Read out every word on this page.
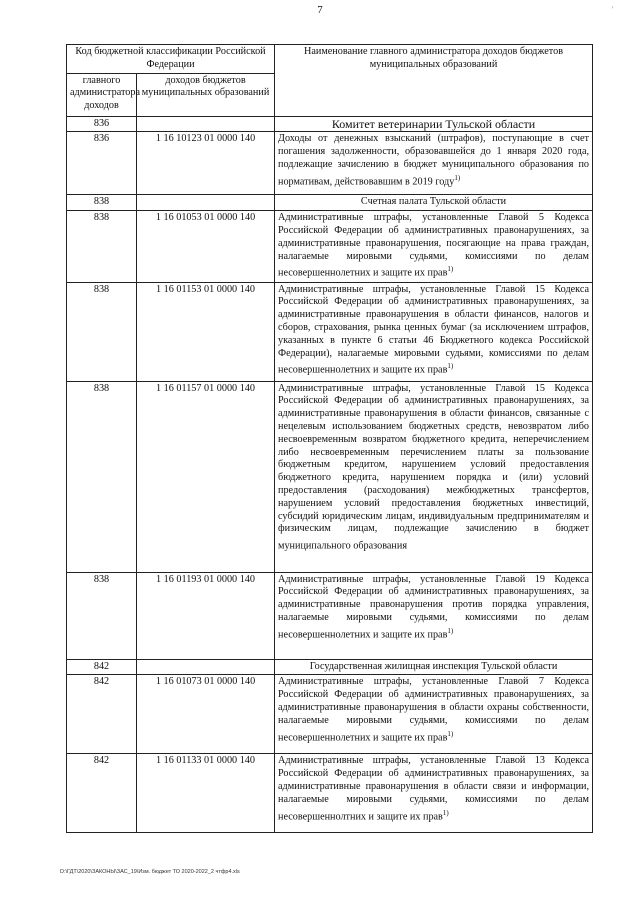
7	'
Код бюджетной классификации Российской Федерации		Наименование главного администратора доходов бюджетов муниципальных образований
главного администратора доходов	доходов бюджетов муниципальных образований	
836		Комитет ветеринарии Тульской области
836	1 16 10123 01 0000 140	Доходы от денежных взысканий (штрафов), поступающие в счет погашения задолженности, образовавшейся до 1 января 2020 года, подлежащие зачислению в бюджет муниципального образования по нормативам, действовавшим в 2019 году$^{1)}$
838		Счетная палата Тульской области
838	1 16 01053 01 0000 140	Административные штрафы, установленные Главой 5 Кодекса Российской Федерации об административных правонарушениях, за административные правонарушения, посягающие на права граждан, налагаемые мировыми судьями, комиссиями по делам несовершеннолетних и защите их прав$^{1)}$
838	1 16 01153 01 0000 140	Административные штрафы, установленные Главой 15 Кодекса Российской Федерации об административных правонарушениях, за административные правонарушения в области финансов, налогов и сборов, страхования, рынка ценных бумаг (за исключением штрафов, указанных в пункте 6 статьи 46 Бюджетного кодекса Российской Федерации), налагаемые мировыми судьями, комиссиями по делам несовершеннолетних и защите их прав$^{1)}$
838	1 16 01157 01 0000 140	Административные штрафы, установленные Главой 15 Кодекса Российской Федерации об административных правонарушениях, за административные правонарушения в области финансов, связанные с нецелевым использованием бюджетных средств, невозвратом либо несвоевременным возвратом бюджетного кредита, неперечислением либо несвоевременным перечислением платы за пользование бюджетным кредитом, нарушением условий предоставления бюджетного кредита, нарушением порядка и (или) условий предоставления (расходования) межбюджетных трансфертов, нарушением условий предоставления бюджетных инвестиций, субсидий юридическим лицам, индивидуальным предпринимателям и физическим лицам, подлежащие зачислению в бюджет муниципального образования
838	1 16 01193 01 0000 140	Административные штрафы, установленные Главой 19 Кодекса Российской Федерации об административных правонарушениях, за административные правонарушения против порядка управления, налагаемые мировыми судьями, комиссиями по делам несовершеннолетних и защите их прав$^{1)}$
842		Государственная жилищная инспекция Тульской области
842	1 16 01073 01 0000 140	Административные штрафы, установленные Главой 7 Кодекса Российской Федерации об административных правонарушениях, за административные правонарушения в области охраны собственности, налагаемые мировыми судьями, комиссиями по делам несовершеннолетних и защите их прав$^{1)}$
842	1 16 01133 01 0000 140	Административные штрафы, установленные Главой 13 Кодекса Российской Федерации об административных правонарушениях, за административные правонарушения в области связи и информации, налагаемые мировыми судьями, комиссиями по делам несовершеннолтних и защите их прав$^{1)}$
D:\ГДТ\2020\ЗАКОНЫ\ЗАС_19\Изм. бюджет ТО 2020-2022_2 чтфр4.xls
